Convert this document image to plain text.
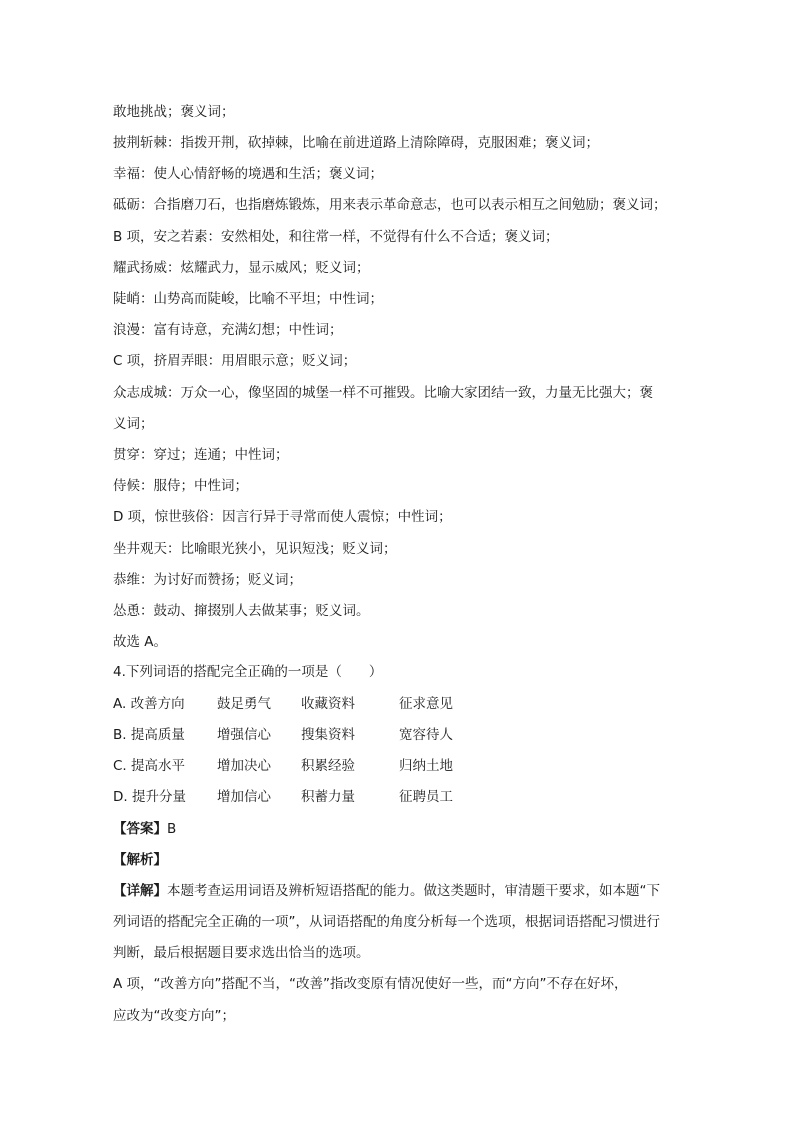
敢地挑战；褒义词；
披荆斩棘：指拨开荆，砍掉棘，比喻在前进道路上清除障碍，克服困难；褒义词；
幸福：使人心情舒畅的境遇和生活；褒义词；
砥砺：合指磨刀石，也指磨炼锻炼，用来表示革命意志，也可以表示相互之间勉励；褒义词；
B 项，安之若素：安然相处，和往常一样，不觉得有什么不合适；褒义词；
耀武扬威：炫耀武力，显示威风；贬义词；
陡峭：山势高而陡峻，比喻不平坦；中性词；
浪漫：富有诗意，充满幻想；中性词；
C 项，挤眉弄眼：用眉眼示意；贬义词；
众志成城：万众一心，像坚固的城堡一样不可摧毁。比喻大家团结一致，力量无比强大；褒
义词；
贯穿：穿过；连通；中性词；
侍候：服侍；中性词；
D 项，惊世骇俗：因言行异于寻常而使人震惊；中性词；
坐井观天：比喻眼光狭小，见识短浅；贬义词；
恭维：为讨好而赞扬；贬义词；
怂恿：鼓动、撺掇别人去做某事；贬义词。
故选 A。
4.下列词语的搭配完全正确的一项是（　　）
A. 改善方向 鼓足勇气 收藏资料	征求意见
B. 提高质量 增强信心 搜集资料	宽容待人
C. 提高水平 增加决心 积累经验	归纳土地
D. 提升分量 增加信心 积蓄力量	征聘员工
【答案】B
【解析】
【详解】本题考查运用词语及辨析短语搭配的能力。做这类题时，审清题干要求，如本题“下
列词语的搭配完全正确的一项”，从词语搭配的角度分析每一个选项，根据词语搭配习惯进行
判断，最后根据题目要求选出恰当的选项。
A 项，“改善方向”搭配不当，“改善”指改变原有情况使好一些，而“方向”不存在好坏，
应改为“改变方向”；
